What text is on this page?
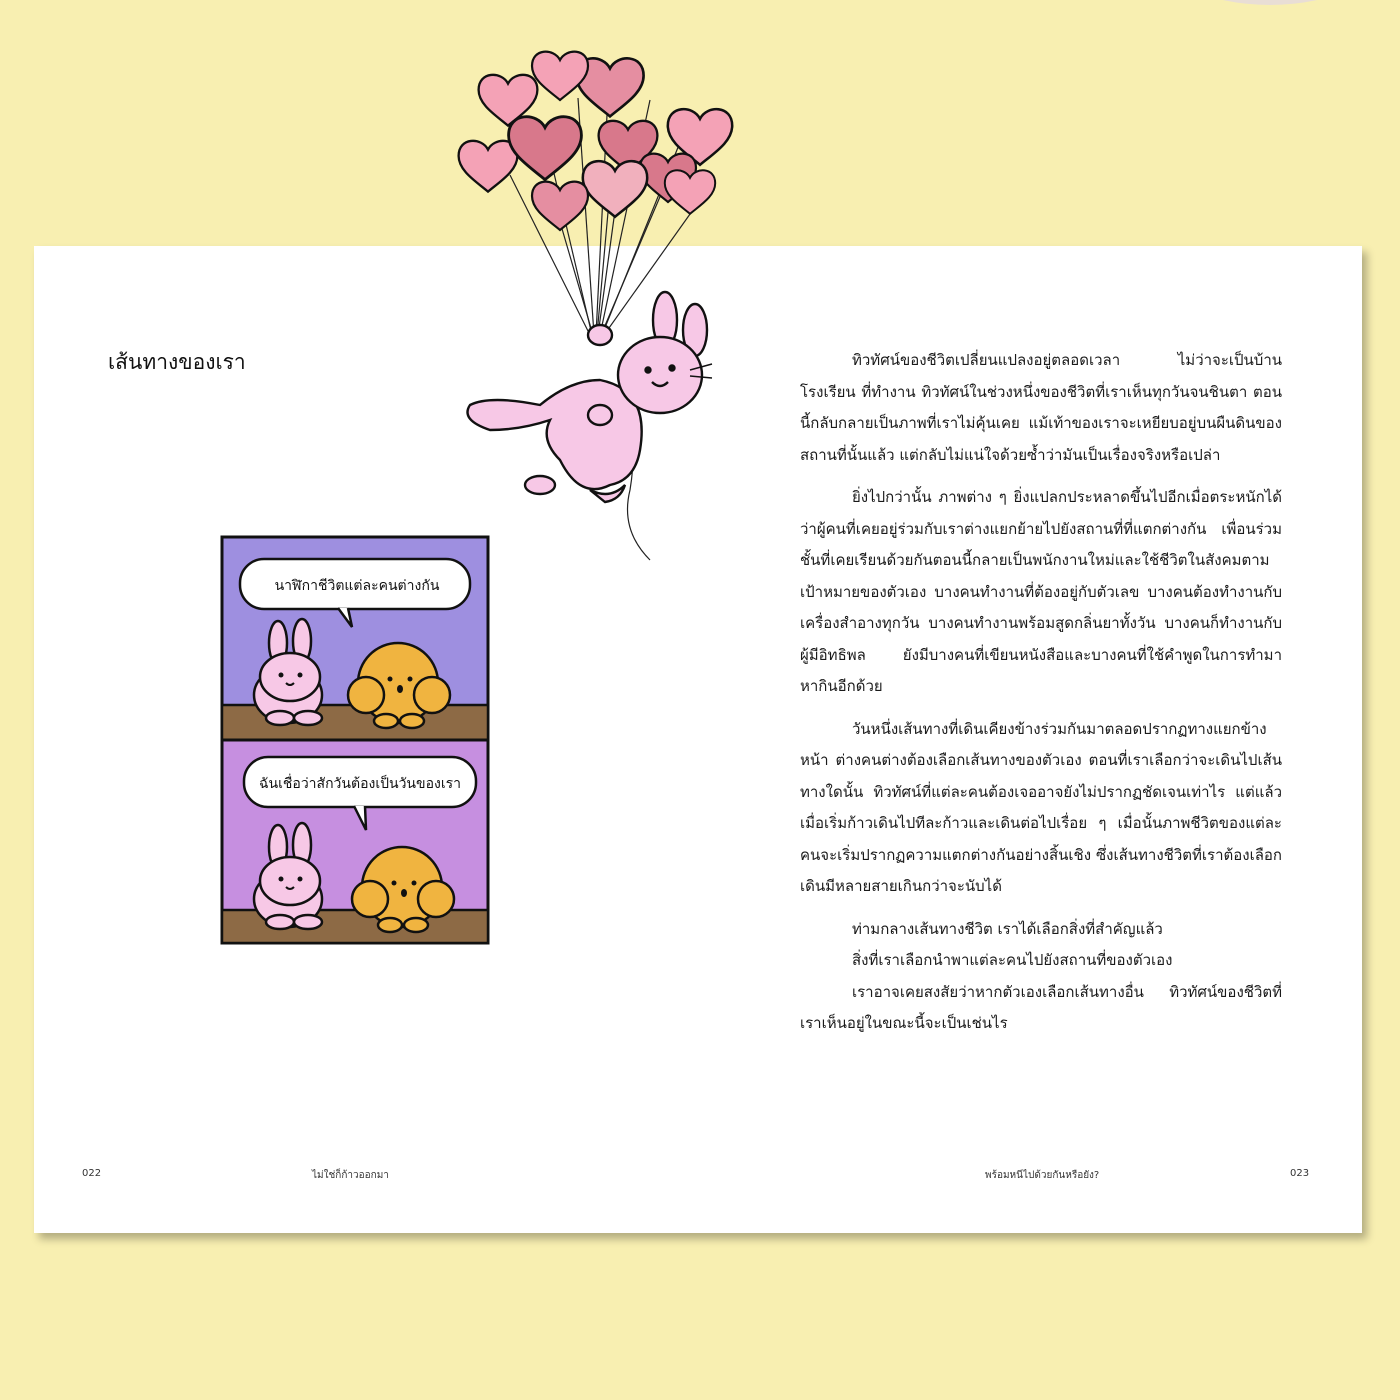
เส้นทางของเรา
นาฬิกาชีวิตแต่ละคนต่างกัน
ฉันเชื่อว่าสักวันต้องเป็นวันของเรา

ทิวทัศน์ของชีวิตเปลี่ยนแปลงอยู่ตลอดเวลา ไม่ว่าจะเป็นบ้าน โรงเรียน ที่ทำงาน ทิวทัศน์ในช่วงหนึ่งของชีวิตที่เราเห็นทุกวันจนชินตา ตอนนี้กลับกลายเป็นภาพที่เราไม่คุ้นเคย แม้เท้าของเราจะเหยียบอยู่บนผืนดินของสถานที่นั้นแล้ว แต่กลับไม่แน่ใจด้วยซ้ำว่ามันเป็นเรื่องจริงหรือเปล่า

ยิ่งไปกว่านั้น ภาพต่าง ๆ ยิ่งแปลกประหลาดขึ้นไปอีกเมื่อตระหนักได้ว่าผู้คนที่เคยอยู่ร่วมกับเราต่างแยกย้ายไปยังสถานที่ที่แตกต่างกัน เพื่อนร่วมชั้นที่เคยเรียนด้วยกันตอนนี้กลายเป็นพนักงานใหม่และใช้ชีวิตในสังคมตามเป้าหมายของตัวเอง บางคนทำงานที่ต้องอยู่กับตัวเลข บางคนต้องทำงานกับเครื่องสำอางทุกวัน บางคนทำงานพร้อมสูดกลิ่นยาทั้งวัน บางคนก็ทำงานกับผู้มีอิทธิพล ยังมีบางคนที่เขียนหนังสือและบางคนที่ใช้คำพูดในการทำมาหากินอีกด้วย

วันหนึ่งเส้นทางที่เดินเคียงข้างร่วมกันมาตลอดปรากฏทางแยกข้างหน้า ต่างคนต่างต้องเลือกเส้นทางของตัวเอง ตอนที่เราเลือกว่าจะเดินไปเส้นทางใดนั้น ทิวทัศน์ที่แต่ละคนต้องเจออาจยังไม่ปรากฏชัดเจนเท่าไร แต่แล้วเมื่อเริ่มก้าวเดินไปทีละก้าวและเดินต่อไปเรื่อย ๆ เมื่อนั้นภาพชีวิตของแต่ละคนจะเริ่มปรากฏความแตกต่างกันอย่างสิ้นเชิง ซึ่งเส้นทางชีวิตที่เราต้องเลือกเดินมีหลายสายเกินกว่าจะนับได้

ท่ามกลางเส้นทางชีวิต เราได้เลือกสิ่งที่สำคัญแล้ว
สิ่งที่เราเลือกนำพาแต่ละคนไปยังสถานที่ของตัวเอง
เราอาจเคยสงสัยว่าหากตัวเองเลือกเส้นทางอื่น ทิวทัศน์ของชีวิตที่เราเห็นอยู่ในขณะนี้จะเป็นเช่นไร
022	ไม่ใช่ก็ก้าวออกมา	พร้อมหนีไปด้วยกันหรือยัง?	023
